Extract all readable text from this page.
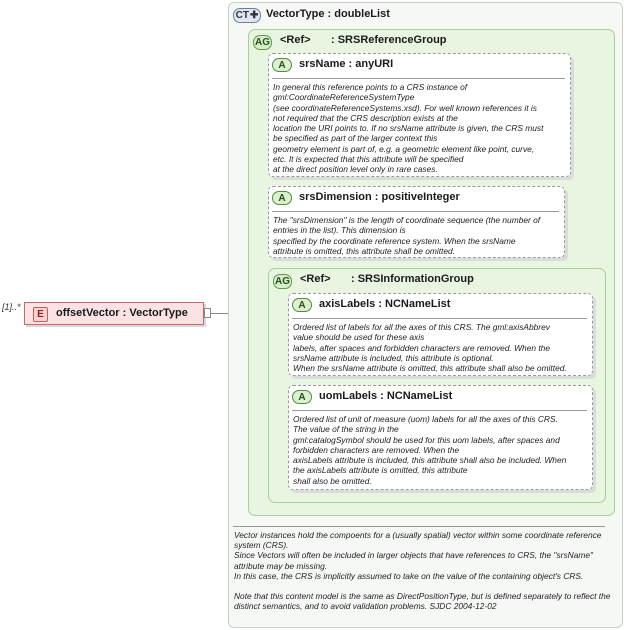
[1]..*
E	offsetVector : VectorType
CT✚ VectorType : doubleList
Vector instances hold the compoents for a (usually spatial) vector within some coordinate reference system (CRS).
Since Vectors will often be included in larger objects that have references to CRS, the "srsName" attribute may be missing.
In this case, the CRS is implicitly assumed to take on the value of the containing object's CRS.

Note that this content model is the same as DirectPositionType, but is defined separately to reflect the distinct semantics, and to avoid validation problems. SJDC 2004-12-02
AG <Ref> : SRSReferenceGroup
A	srsName : anyURI
In general this reference points to a CRS instance of
gml:CoordinateReferenceSystemType
(see coordinateReferenceSystems.xsd). For well known references it is
not required that the CRS description exists at the
location the URI points to. If no srsName attribute is given, the CRS must
be specified as part of the larger context this
geometry element is part of, e.g. a geometric element like point, curve,
etc. It is expected that this attribute will be specified
at the direct position level only in rare cases.
A	srsDimension : positiveInteger
The "srsDimension" is the length of coordinate sequence (the number of
entries in the list). This dimension is
specified by the coordinate reference system. When the srsName
attribute is omitted, this attribute shall be omitted.
AG <Ref> : SRSInformationGroup
A	axisLabels : NCNameList
Ordered list of labels for all the axes of this CRS. The gml:axisAbbrev
value should be used for these axis
labels, after spaces and forbidden characters are removed. When the
srsName attribute is included, this attribute is optional.
When the srsName attribute is omitted, this attribute shall also be omitted.
A	uomLabels : NCNameList
Ordered list of unit of measure (uom) labels for all the axes of this CRS.
The value of the string in the
gml:catalogSymbol should be used for this uom labels, after spaces and
forbidden characters are removed. When the
axisLabels attribute is included, this attribute shall also be included. When
the axisLabels attribute is omitted, this attribute
shall also be omitted.
